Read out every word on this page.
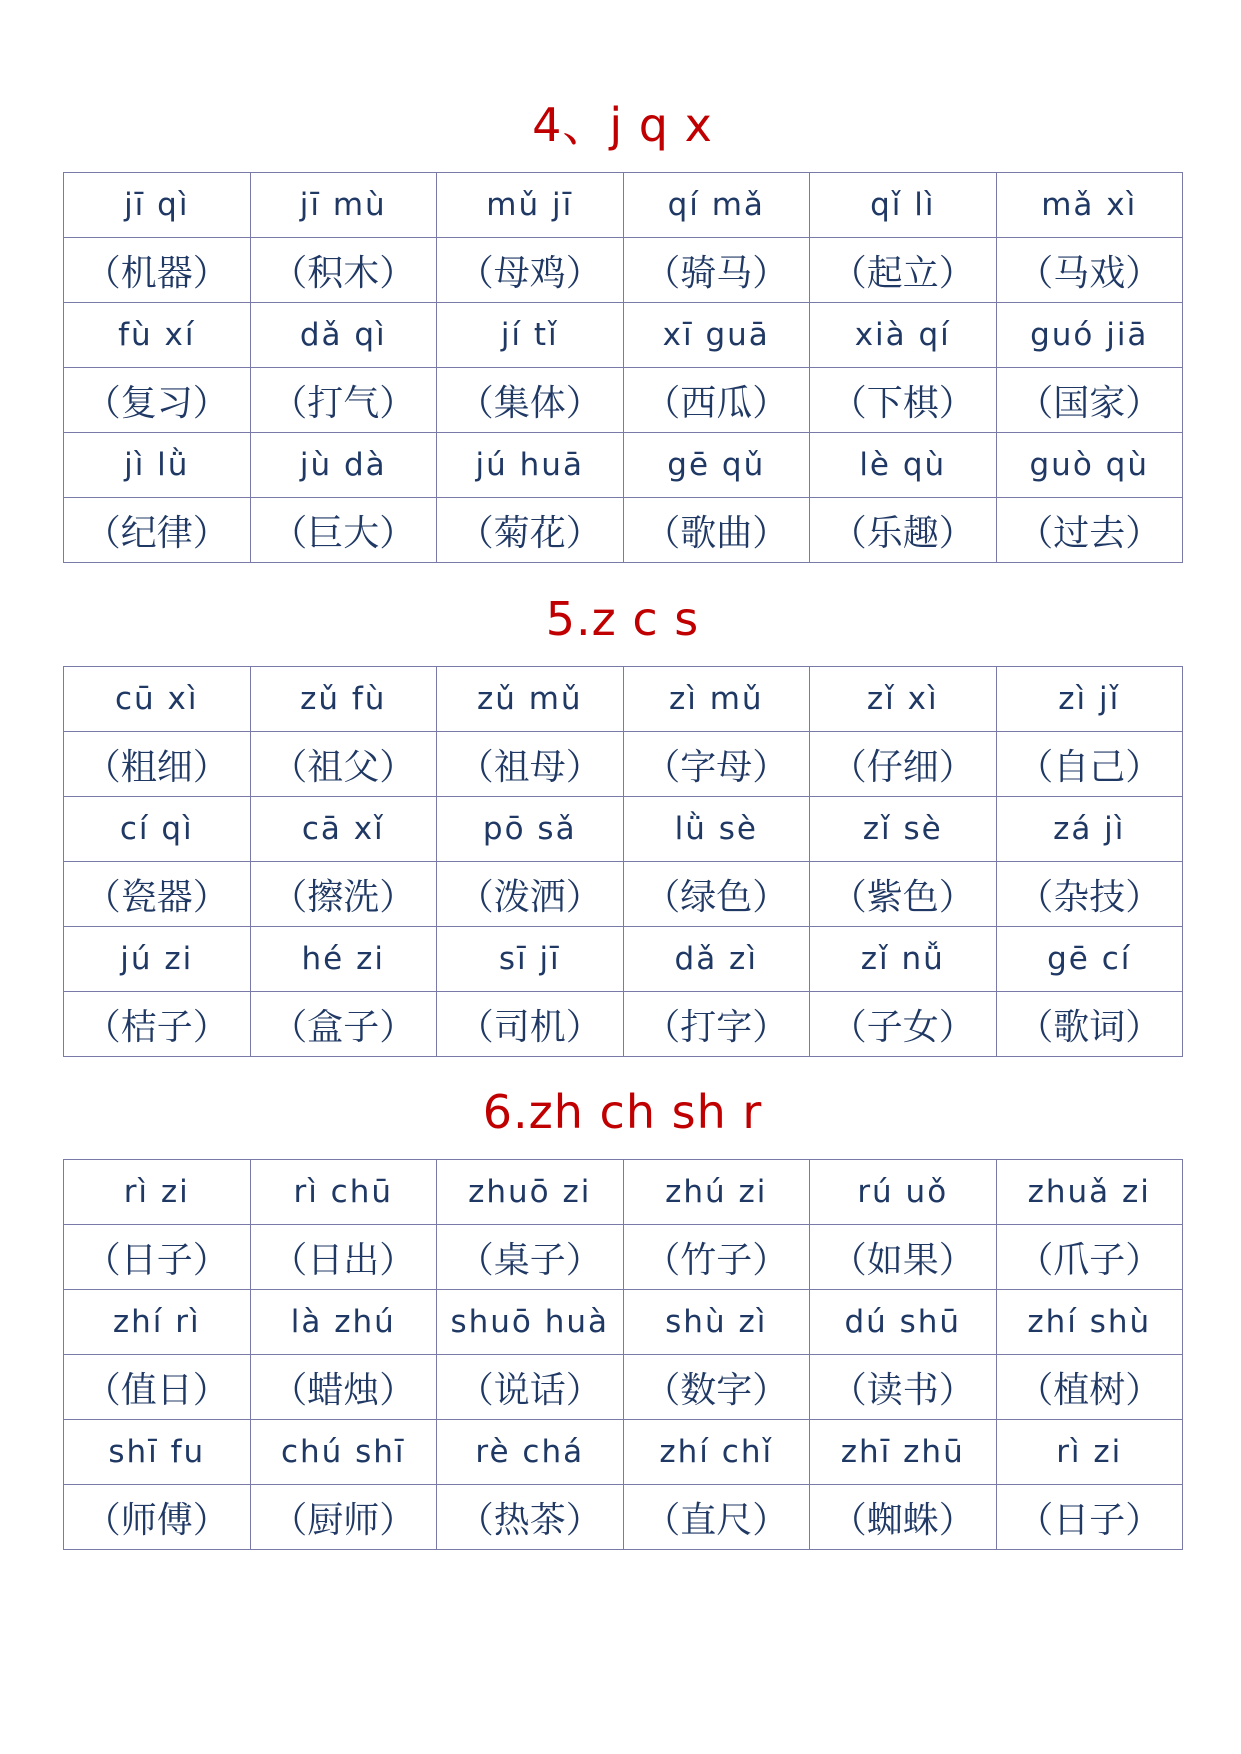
4、j q x
jī qì	jī mù	mǔ jī	qí mǎ	qǐ lì	mǎ xì
（机器）	（积木）	（母鸡）	（骑马）	（起立）	（马戏）
fù xí	dǎ qì	jí tǐ	xī guā	xià qí	guó jiā
（复习）	（打气）	（集体）	（西瓜）	（下棋）	（国家）
jì lǜ	jù dà	jú huā	gē qǔ	lè qù	guò qù
（纪律）	（巨大）	（菊花）	（歌曲）	（乐趣）	（过去）
5.z c s
cū xì	zǔ fù	zǔ mǔ	zì mǔ	zǐ xì	zì jǐ
（粗细）	（祖父）	（祖母）	（字母）	（仔细）	（自己）
cí qì	cā xǐ	pō sǎ	lǜ sè	zǐ sè	zá jì
（瓷器）	（擦洗）	（泼洒）	（绿色）	（紫色）	（杂技）
jú zi	hé zi	sī jī	dǎ zì	zǐ nǚ	gē cí
（桔子）	（盒子）	（司机）	（打字）	（子女）	（歌词）
6.zh ch sh r
rì zi	rì chū	zhuō zi	zhú zi	rú uǒ	zhuǎ zi
（日子）	（日出）	（桌子）	（竹子）	（如果）	（爪子）
zhí rì	là zhú	shuō huà	shù zì	dú shū	zhí shù
（值日）	（蜡烛）	（说话）	（数字）	（读书）	（植树）
shī fu	chú shī	rè chá	zhí chǐ	zhī zhū	rì zi
（师傅）	（厨师）	（热茶）	（直尺）	（蜘蛛）	（日子）
